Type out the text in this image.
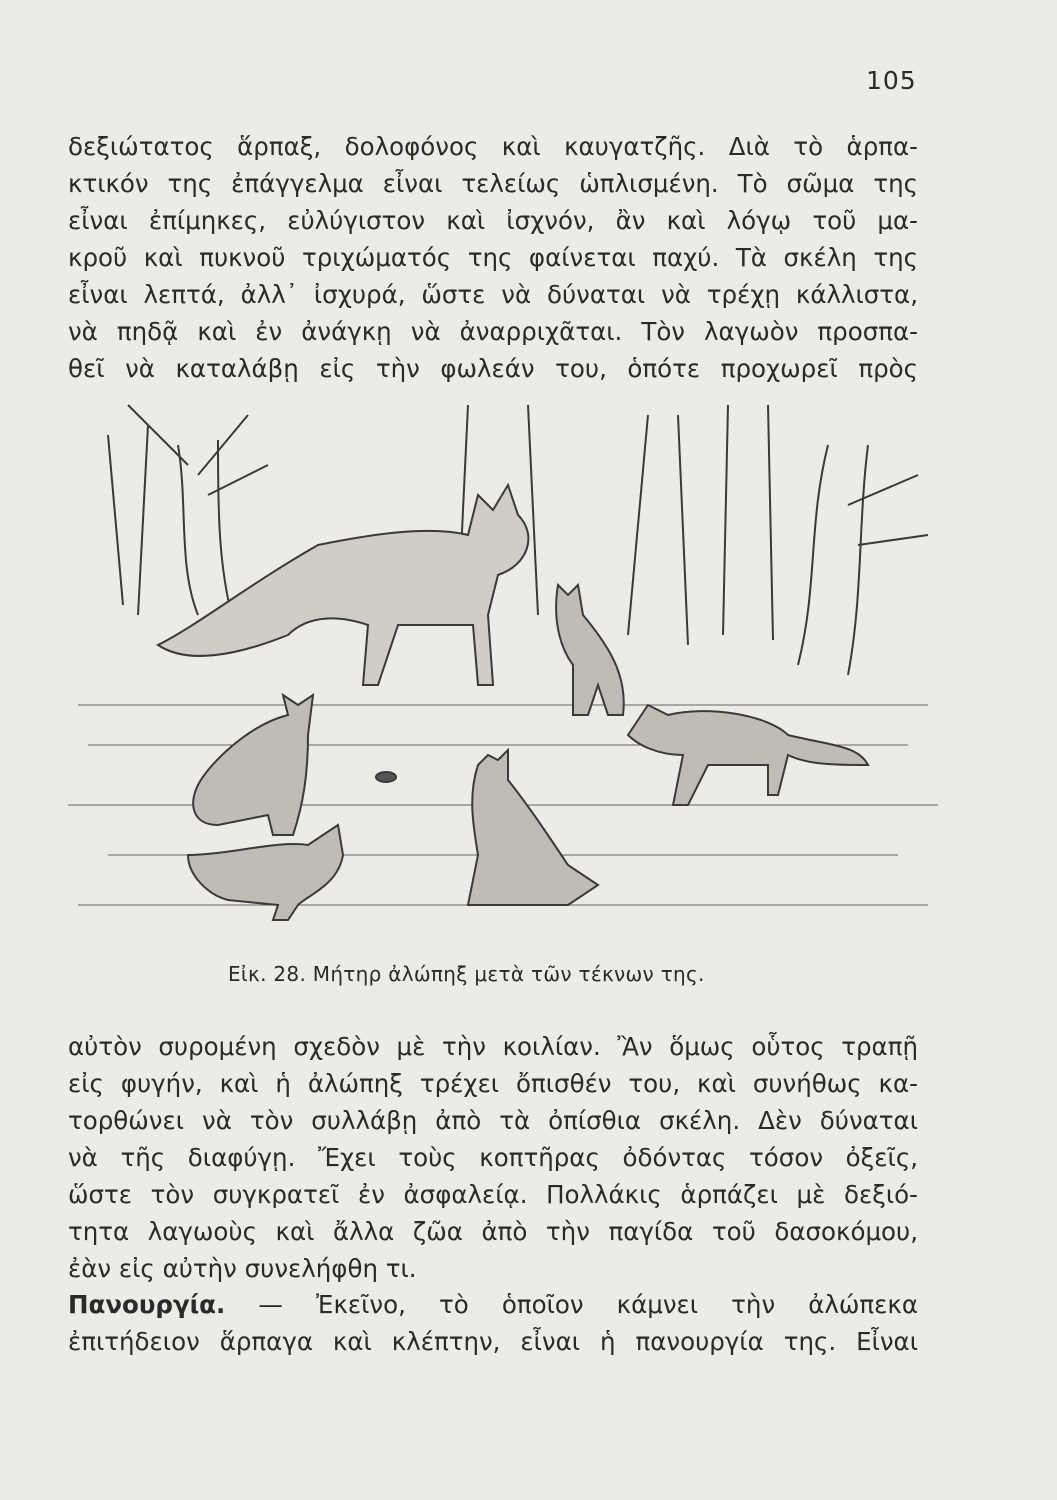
105
δεξιώτατος ἅρπαξ, δολοφόνος καὶ καυγατζῆς. Διὰ τὸ ἁρπα-
κτικόν της ἐπάγγελμα εἶναι τελείως ὡπλισμένη. Τὸ σῶμα της
εἶναι ἐπίμηκες, εὐλύγιστον καὶ ἰσχνόν, ἂν καὶ λόγῳ τοῦ μα-
κροῦ καὶ πυκνοῦ τριχώματός της φαίνεται παχύ. Τὰ σκέλη της
εἶναι λεπτά, ἀλλ᾽ ἰσχυρά, ὥστε νὰ δύναται νὰ τρέχῃ κάλλιστα,
νὰ πηδᾷ καὶ ἐν ἀνάγκῃ νὰ ἀναρριχᾶται. Τὸν λαγωὸν προσπα-
θεῖ νὰ καταλάβῃ εἰς τὴν φωλεάν του, ὁπότε προχωρεῖ πρὸς
Εἰκ. 28. Μήτηρ ἀλώπηξ μετὰ τῶν τέκνων της.
αὐτὸν συρομένη σχεδὸν μὲ τὴν κοιλίαν. Ἂν ὅμως οὗτος τραπῇ
εἰς φυγήν, καὶ ἡ ἀλώπηξ τρέχει ὄπισθέν του, καὶ συνήθως κα-
τορθώνει νὰ τὸν συλλάβῃ ἀπὸ τὰ ὀπίσθια σκέλη. Δὲν δύναται
νὰ τῆς διαφύγῃ. Ἔχει τοὺς κοπτῆρας ὀδόντας τόσον ὀξεῖς,
ὥστε τὸν συγκρατεῖ ἐν ἀσφαλείᾳ. Πολλάκις ἁρπάζει μὲ δεξιό-
τητα λαγωοὺς καὶ ἄλλα ζῶα ἀπὸ τὴν παγίδα τοῦ δασοκόμου,
ἐὰν εἰς αὐτὴν συνελήφθη τι.
Πανουργία. — Ἐκεῖνο, τὸ ὁποῖον κάμνει τὴν ἀλώπεκα
ἐπιτήδειον ἅρπαγα καὶ κλέπτην, εἶναι ἡ πανουργία της. Εἶναι
